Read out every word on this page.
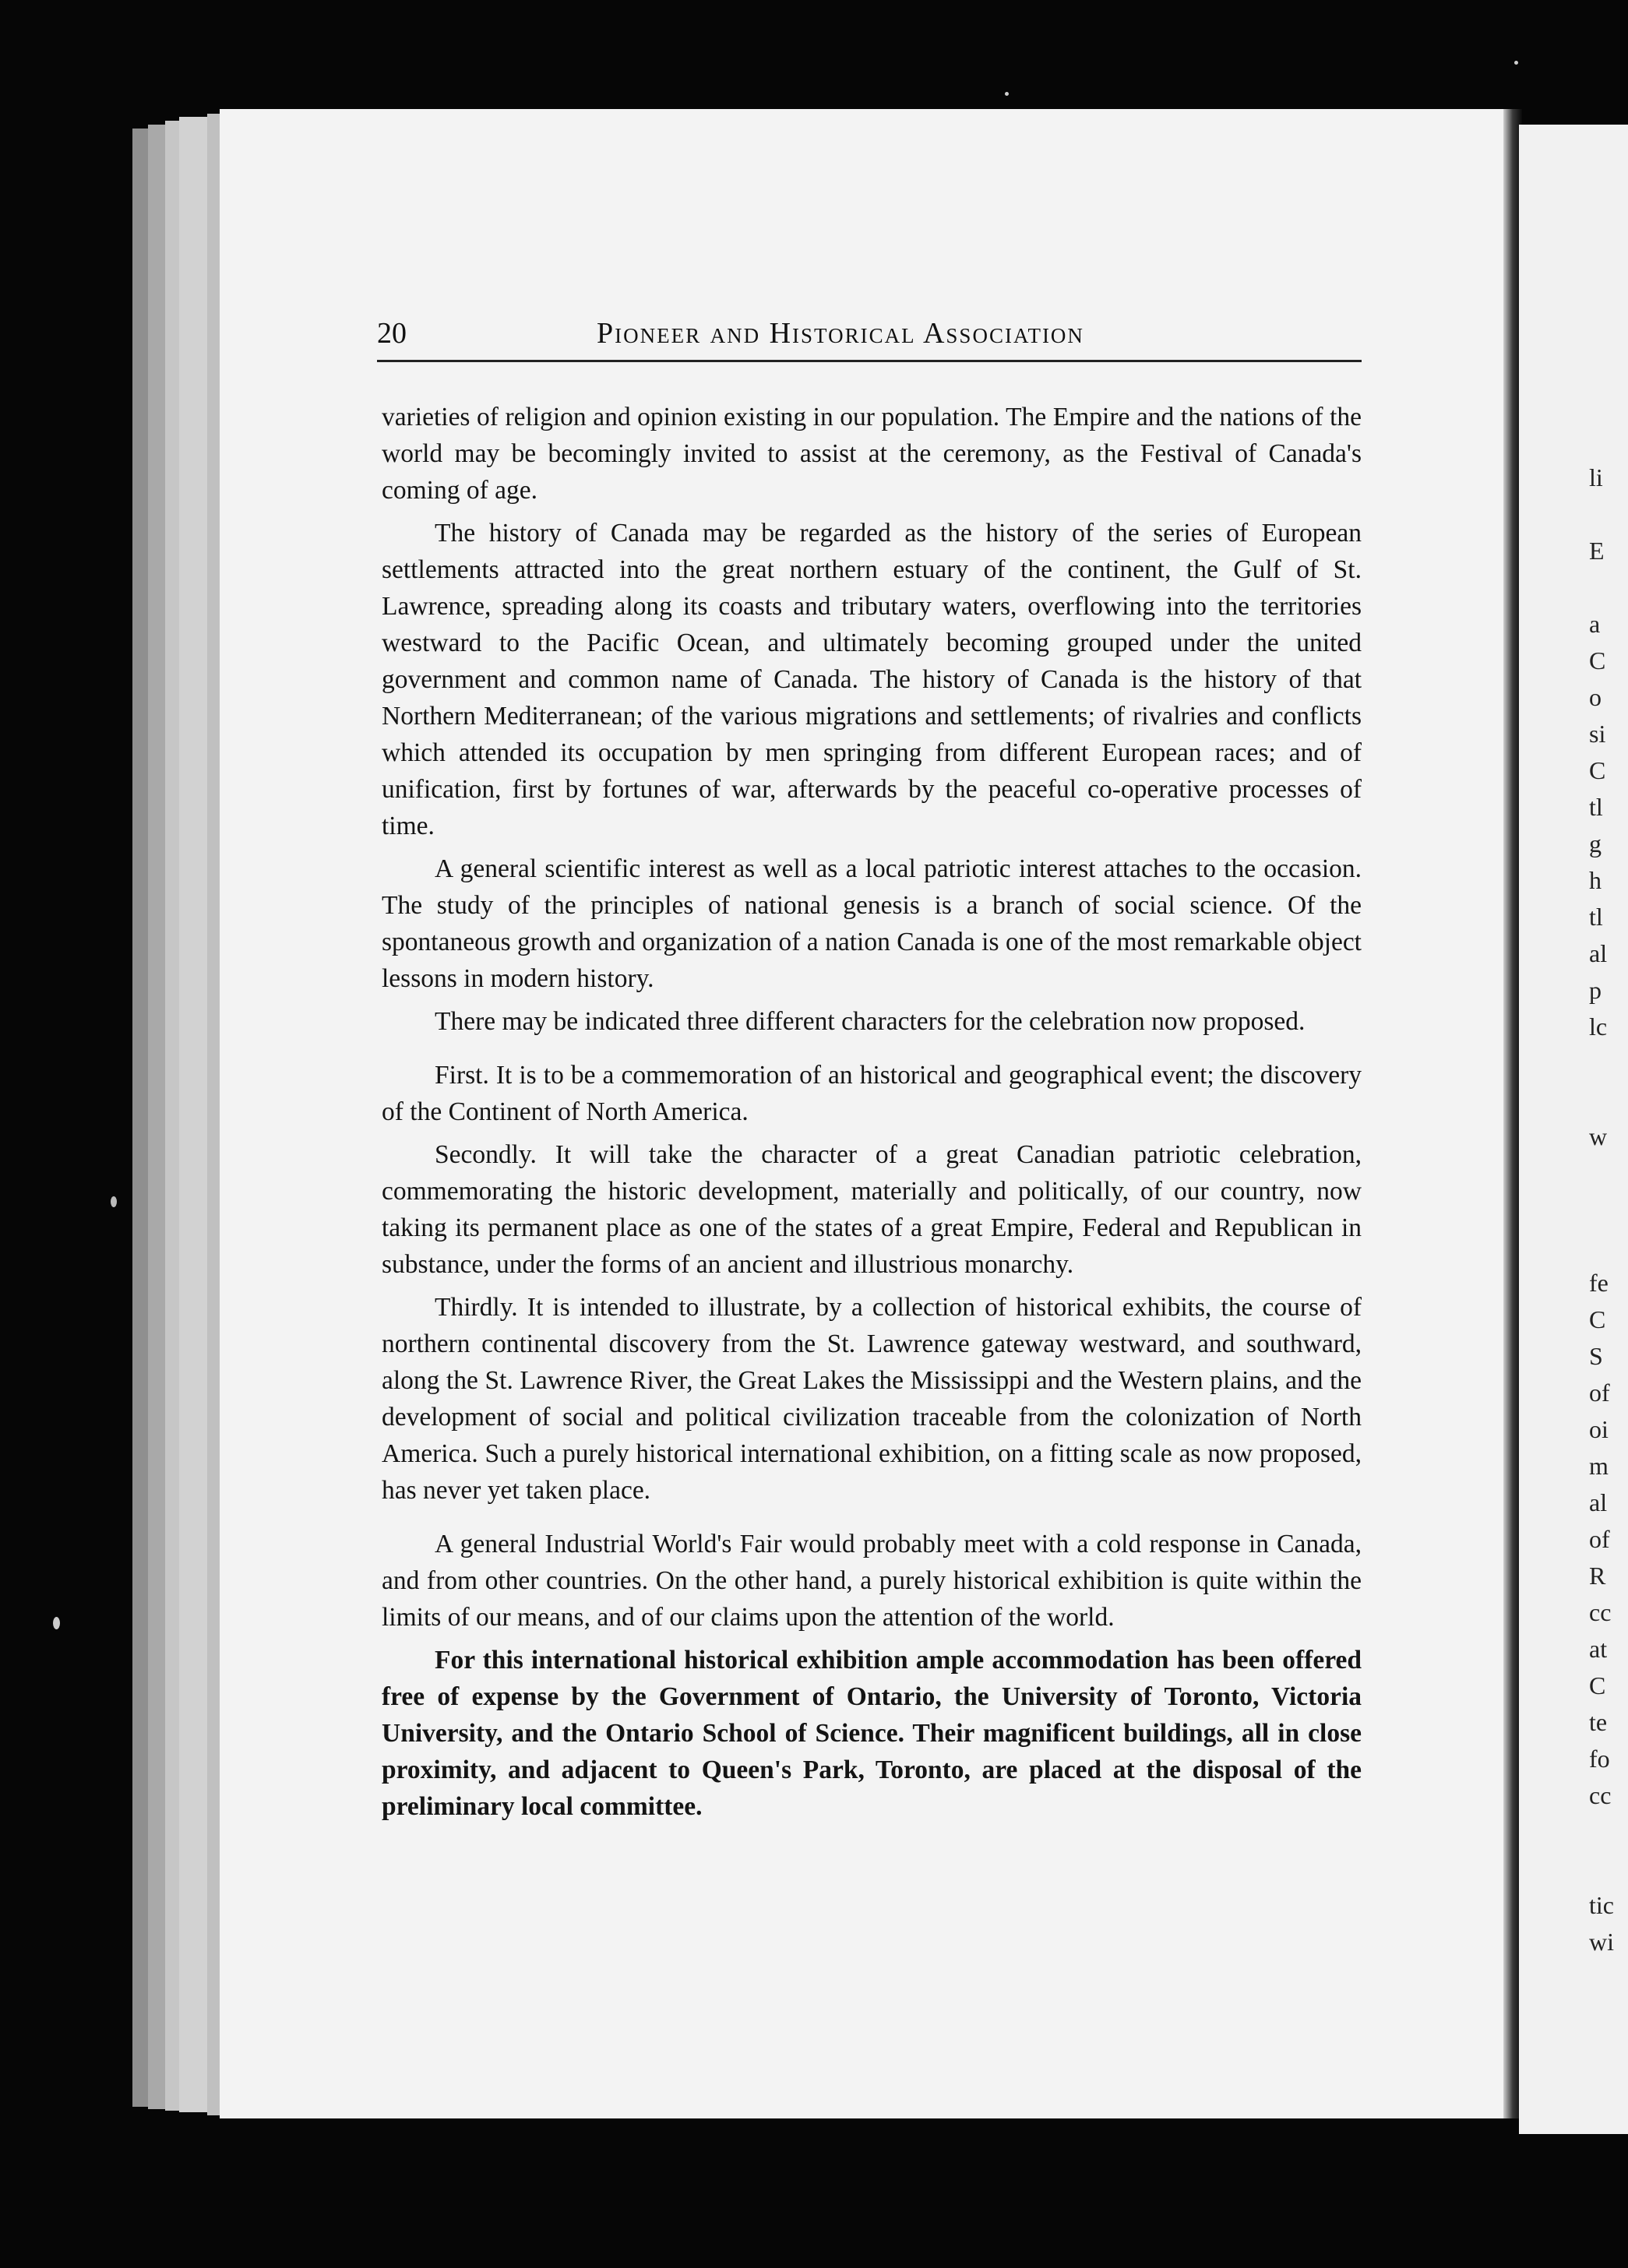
20	Pioneer and Historical Association

varieties of religion and opinion existing in our population. The Empire and the nations of the world may be becomingly invited to assist at the ceremony, as the Festival of Canada's coming of age.

The history of Canada may be regarded as the history of the series of European settlements attracted into the great northern estuary of the continent, the Gulf of St. Lawrence, spreading along its coasts and tributary waters, overflowing into the territories westward to the Pacific Ocean, and ultimately becoming grouped under the united government and common name of Canada. The history of Canada is the history of that Northern Mediterranean; of the various migrations and settlements; of rivalries and conflicts which attended its occupation by men springing from different European races; and of unification, first by fortunes of war, afterwards by the peaceful co-operative processes of time.

A general scientific interest as well as a local patriotic interest attaches to the occasion. The study of the principles of national genesis is a branch of social science. Of the spontaneous growth and organization of a nation Canada is one of the most remarkable object lessons in modern history.

There may be indicated three different characters for the celebration now proposed.

First. It is to be a commemoration of an historical and geographical event; the discovery of the Continent of North America.

Secondly. It will take the character of a great Canadian patriotic celebration, commemorating the historic development, materially and politically, of our country, now taking its permanent place as one of the states of a great Empire, Federal and Republican in substance, under the forms of an ancient and illustrious monarchy.

Thirdly. It is intended to illustrate, by a collection of historical exhibits, the course of northern continental discovery from the St. Lawrence gateway westward, and southward, along the St. Lawrence River, the Great Lakes the Mississippi and the Western plains, and the development of social and political civilization traceable from the colonization of North America. Such a purely historical international exhibition, on a fitting scale as now proposed, has never yet taken place.

A general Industrial World's Fair would probably meet with a cold response in Canada, and from other countries. On the other hand, a purely historical exhibition is quite within the limits of our means, and of our claims upon the attention of the world.

For this international historical exhibition ample accommodation has been offered free of expense by the Government of Ontario, the University of Toronto, Victoria University, and the Ontario School of Science. Their magnificent buildings, all in close proximity, and adjacent to Queen's Park, Toronto, are placed at the disposal of the preliminary local committee.

li
E
a
C
o
si
C
tl
g
h
tl
al
p
lc
w
fe
C
S
of
oi
m
al
of
R
cc
at
C
te
fo
cc
tic
wi
